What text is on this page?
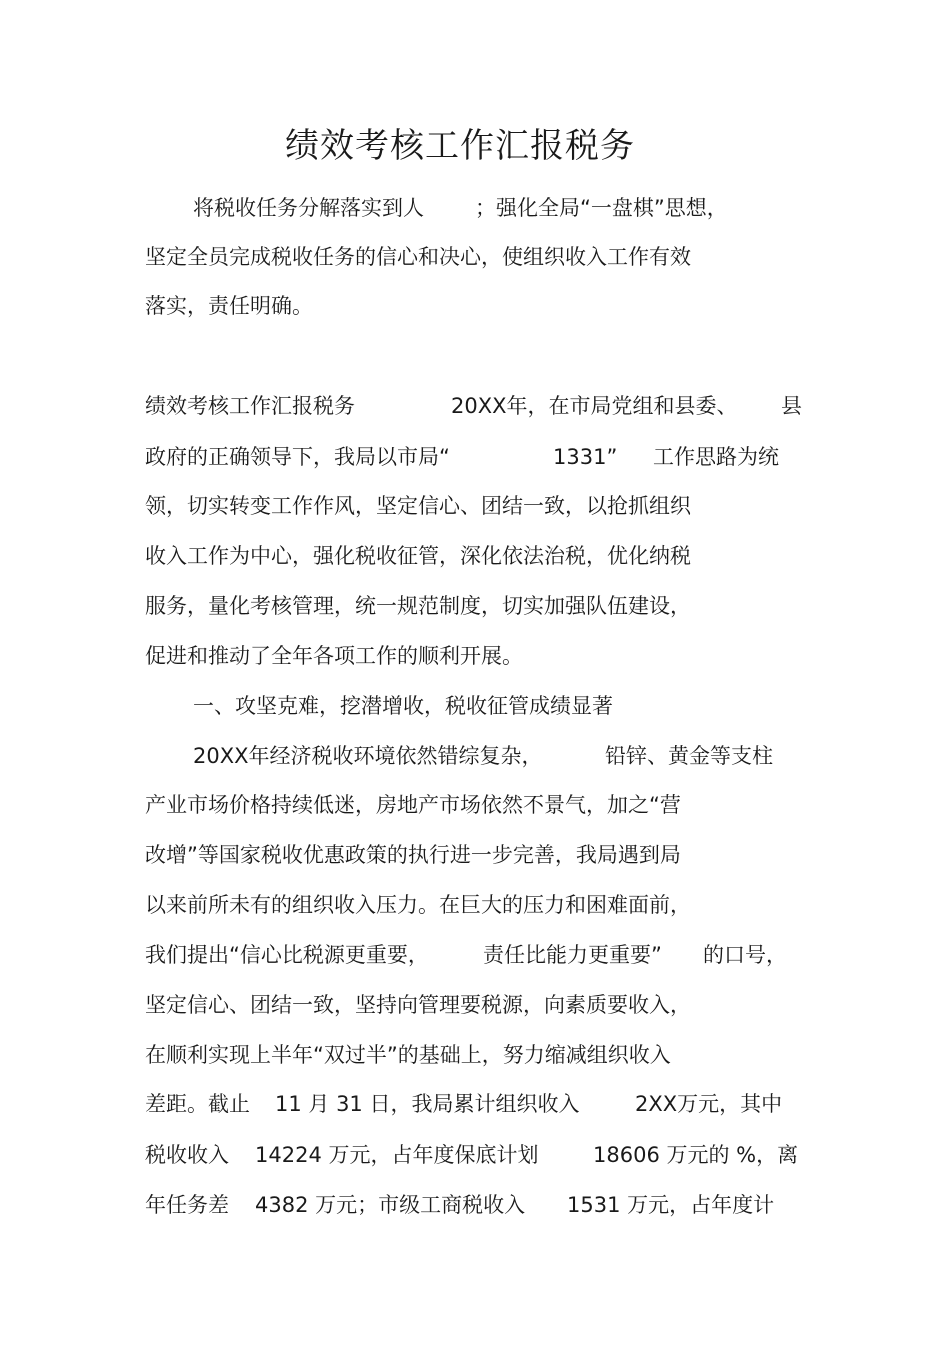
绩效考核工作汇报税务
将税收任务分解落实到人 ；强化全局“一盘棋”思想，
坚定全员完成税收任务的信心和决心，使组织收入工作有效
落实，责任明确。
绩效考核工作汇报税务	20XX年，在市局党组和县委、 县
政府的正确领导下，我局以市局“	1331” 工作思路为统
领，切实转变工作作风，坚定信心、团结一致，以抢抓组织
收入工作为中心，强化税收征管，深化依法治税，优化纳税
服务，量化考核管理，统一规范制度，切实加强队伍建设，
促进和推动了全年各项工作的顺利开展。
一、攻坚克难，挖潜增收，税收征管成绩显著
20XX年经济税收环境依然错综复杂，	铅锌、黄金等支柱
产业市场价格持续低迷，房地产市场依然不景气，加之“营
改增”等国家税收优惠政策的执行进一步完善，我局遇到局
以来前所未有的组织收入压力。在巨大的压力和困难面前，
我们提出“信心比税源更重要，	责任比能力更重要” 的口号，
坚定信心、团结一致，坚持向管理要税源，向素质要收入，
在顺利实现上半年“双过半”的基础上，努力缩减组织收入
差距。截止 11 月 31 日，我局累计组织收入	2XX万元，其中
税收收入 14224 万元，占年度保底计划	18606 万元的 %，离
年任务差 4382 万元；市级工商税收入 1531 万元，占年度计
